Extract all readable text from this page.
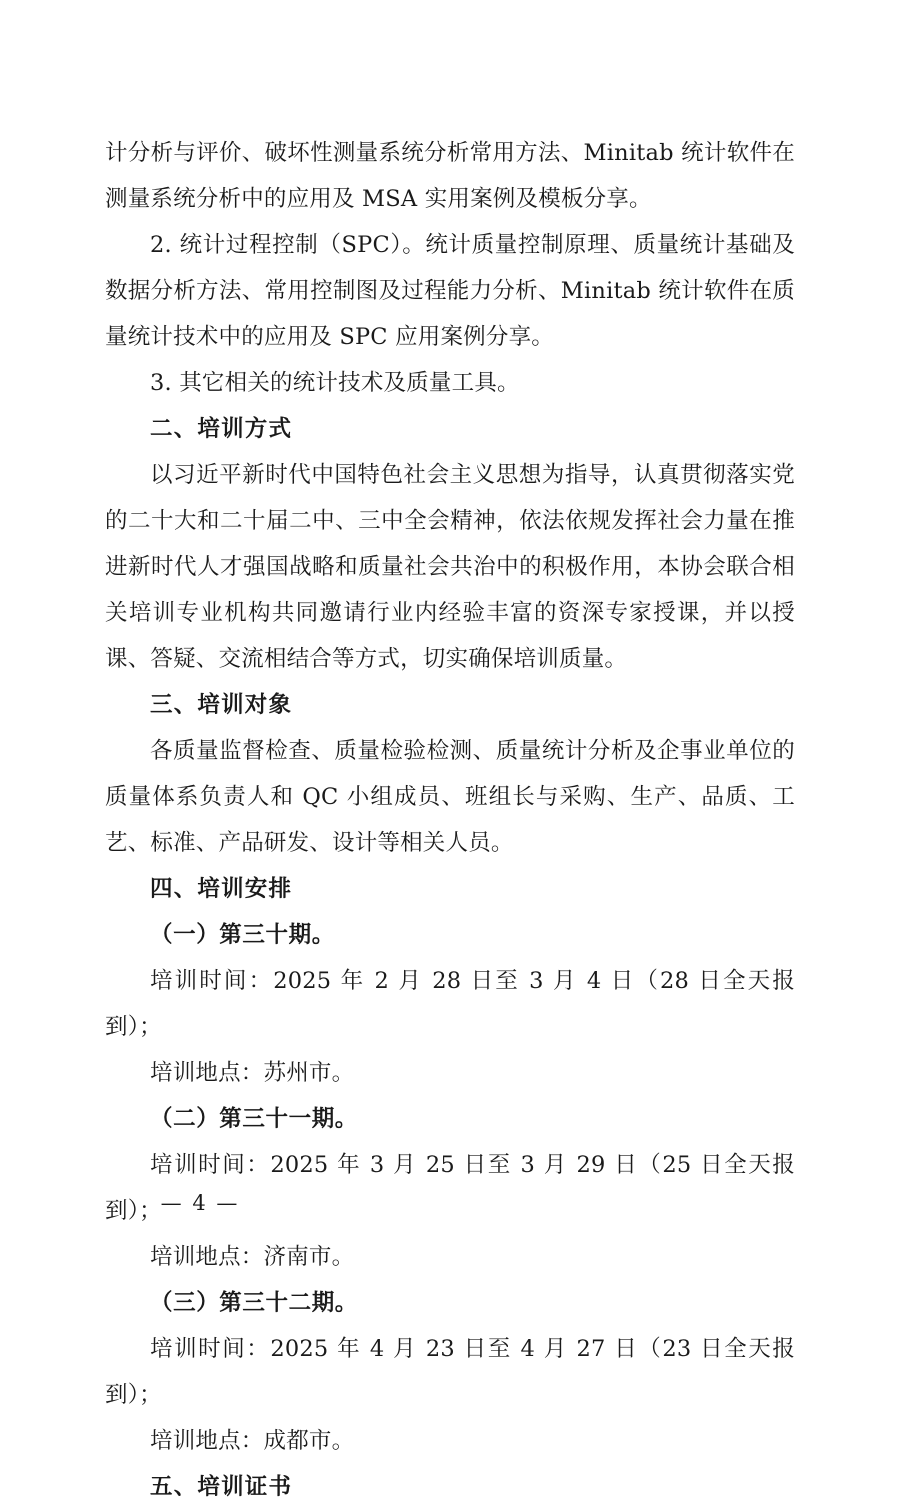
计分析与评价、破坏性测量系统分析常用方法、Minitab 统计软件在测量系统分析中的应用及 MSA 实用案例及模板分享。

2. 统计过程控制（SPC）。统计质量控制原理、质量统计基础及数据分析方法、常用控制图及过程能力分析、Minitab 统计软件在质量统计技术中的应用及 SPC 应用案例分享。

3. 其它相关的统计技术及质量工具。

二、培训方式

以习近平新时代中国特色社会主义思想为指导，认真贯彻落实党的二十大和二十届二中、三中全会精神，依法依规发挥社会力量在推进新时代人才强国战略和质量社会共治中的积极作用，本协会联合相关培训专业机构共同邀请行业内经验丰富的资深专家授课，并以授课、答疑、交流相结合等方式，切实确保培训质量。

三、培训对象

各质量监督检查、质量检验检测、质量统计分析及企事业单位的质量体系负责人和 QC 小组成员、班组长与采购、生产、品质、工艺、标准、产品研发、设计等相关人员。

四、培训安排

（一）第三十期。

培训时间：2025 年 2 月 28 日至 3 月 4 日（28 日全天报到）；

培训地点：苏州市。

（二）第三十一期。

培训时间：2025 年 3 月 25 日至 3 月 29 日（25 日全天报到）；

培训地点：济南市。

（三）第三十二期。

培训时间：2025 年 4 月 23 日至 4 月 27 日（23 日全天报到）；

培训地点：成都市。

五、培训证书

— 4 —
